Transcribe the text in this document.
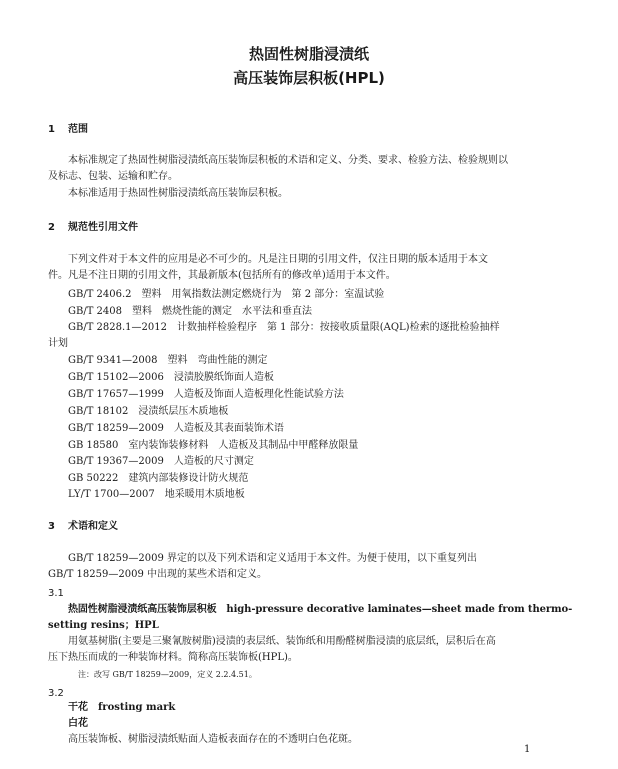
热固性树脂浸渍纸
高压装饰层积板(HPL)
1 范围
本标准规定了热固性树脂浸渍纸高压装饰层积板的术语和定义、分类、要求、检验方法、检验规则以
及标志、包装、运输和贮存。
本标准适用于热固性树脂浸渍纸高压装饰层积板。
2 规范性引用文件
下列文件对于本文件的应用是必不可少的。凡是注日期的引用文件，仅注日期的版本适用于本文
件。凡是不注日期的引用文件，其最新版本(包括所有的修改单)适用于本文件。
GB/T 2406.2　塑料　用氧指数法测定燃烧行为　第 2 部分：室温试验
GB/T 2408　塑料　燃烧性能的测定　水平法和垂直法
GB/T 2828.1—2012　计数抽样检验程序　第 1 部分：按接收质量限(AQL)检索的逐批检验抽样
计划
GB/T 9341—2008　塑料　弯曲性能的测定
GB/T 15102—2006　浸渍胶膜纸饰面人造板
GB/T 17657—1999　人造板及饰面人造板理化性能试验方法
GB/T 18102　浸渍纸层压木质地板
GB/T 18259—2009　人造板及其表面装饰术语
GB 18580　室内装饰装修材料　人造板及其制品中甲醛释放限量
GB/T 19367—2009　人造板的尺寸测定
GB 50222　建筑内部装修设计防火规范
LY/T 1700—2007　地采暖用木质地板
3 术语和定义
GB/T 18259—2009 界定的以及下列术语和定义适用于本文件。为便于使用，以下重复列出
GB/T 18259—2009 中出现的某些术语和定义。
3.1
热固性树脂浸渍纸高压装饰层积板　high-pressure decorative laminates—sheet made from thermo-
setting resins；HPL
用氨基树脂(主要是三聚氰胺树脂)浸渍的表层纸、装饰纸和用酚醛树脂浸渍的底层纸，层积后在高
压下热压而成的一种装饰材料。简称高压装饰板(HPL)。
注：改写 GB/T 18259—2009，定义 2.2.4.51。
3.2
干花　frosting mark
白花
高压装饰板、树脂浸渍纸贴面人造板表面存在的不透明白色花斑。
1
